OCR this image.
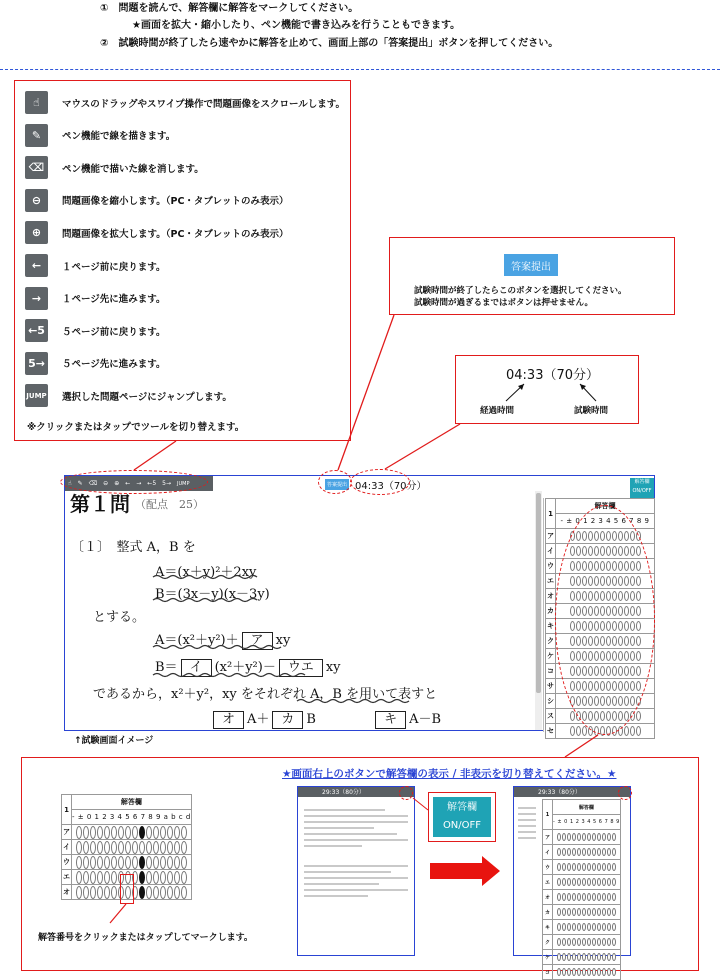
①　問題を読んで、解答欄に解答をマークしてください。
★画面を拡大・縮小したり、ペン機能で書き込みを行うこともできます。
②　試験時間が終了したら速やかに解答を止めて、画面上部の「答案提出」ボタンを押してください。
☝	マウスのドラッグやスワイプ操作で問題画像をスクロールします。
✎	ペン機能で線を描きます。
⌫	ペン機能で描いた線を消します。
⊖	問題画像を縮小します。（PC・タブレットのみ表示）
⊕	問題画像を拡大します。（PC・タブレットのみ表示）
←	１ページ前に戻ります。
→	１ページ先に進みます。
←5	５ページ前に戻ります。
5→	５ページ先に進みます。
JUMP 選択した問題ページにジャンプします。
※クリックまたはタップでツールを切り替えます。
答案提出
試験時間が終了したらこのボタンを選択してください。
試験時間が過ぎるまではボタンは押せません。
04:33（70分）
経過時間	試験時間
☝ ✎ ⌫ ⊖ ⊕ ← → ←5 5→ JUMP	答案提出 04:33（70分）	解答欄
ON/OFF
第１問 （配点　25）
〔１〕　整式 A，B を
A＝(x＋y)²＋2xy
B＝(3x－y)(x－3y)
とする。
A＝(x²＋y²)＋ ア xy
B＝ イ (x²＋y²)－ ウエ xy
であるから，x²＋y²，xy をそれぞれ A，B を用いて表すと
オ A＋ カ B	キ A－B
1	解答欄
	- ± 0 1 2 3 4 5 6 7 8 9
ア	
イ	
ウ	
エ	
オ	
カ	
キ	
ク	
ケ	
コ	
サ	
シ	
ス	
セ	
↑試験画面イメージ
★画面右上のボタンで解答欄の表示 / 非表示を切り替えてください。★
1	解答欄
	- ± 0 1 2 3 4 5 6 7 8 9 a b c d
ア	
イ	
ウ	
エ	
オ	
解答番号をクリックまたはタップしてマークします。
29:33（80分）
解答欄
ON/OFF
29:33（80分）
1	解答欄
	- ± 0 1 2 3 4 5 6 7 8 9
ア	
イ	
ウ	
エ	
オ	
カ	
キ	
ク	
ケ	
コ	
